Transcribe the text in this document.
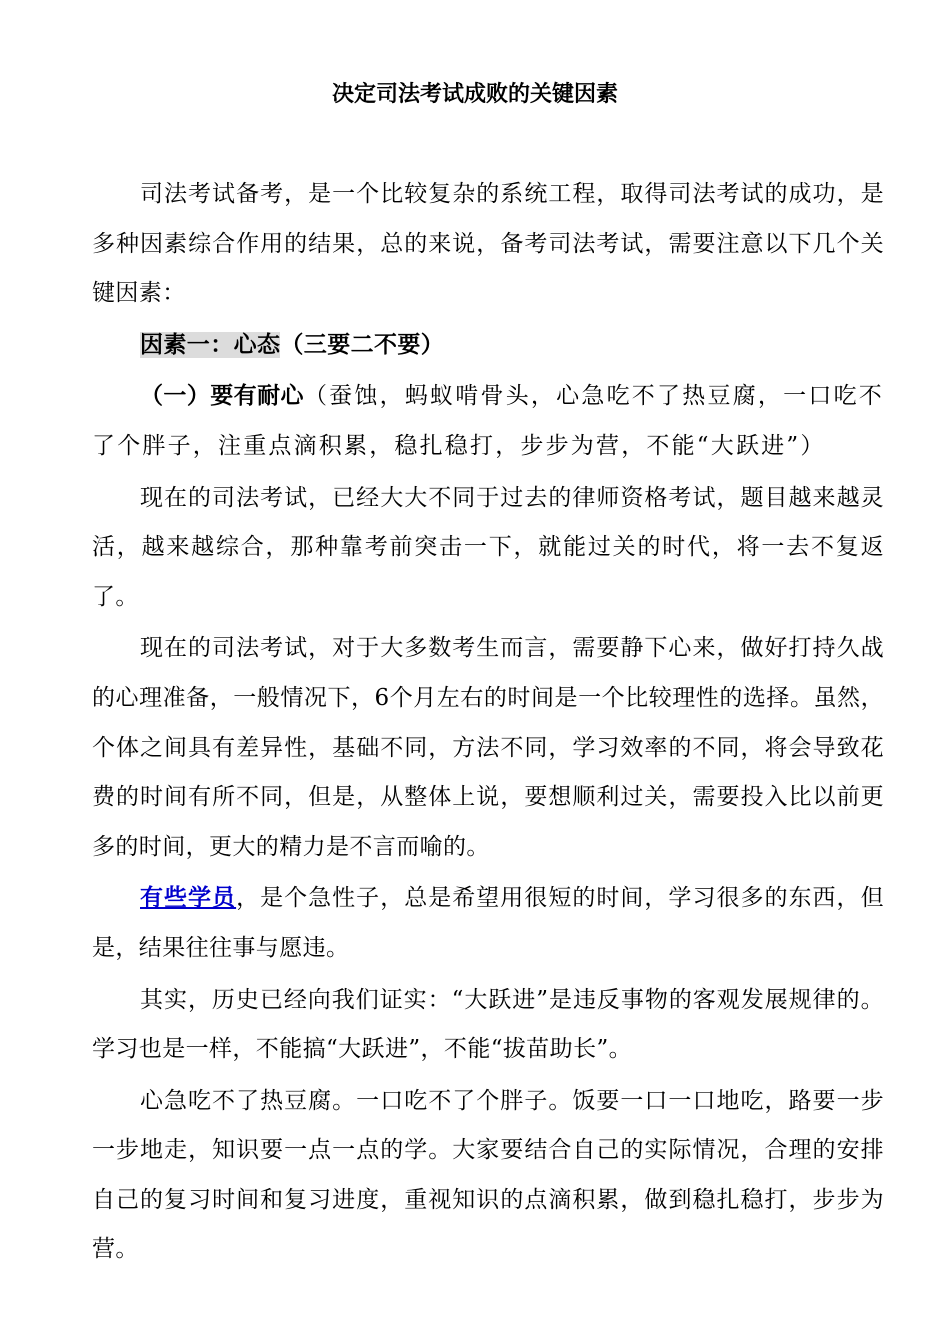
决定司法考试成败的关键因素

司法考试备考，是一个比较复杂的系统工程，取得司法考试的成功，是多种因素综合作用的结果，总的来说，备考司法考试，需要注意以下几个关键因素：

因素一：心态（三要二不要）

（一）要有耐心（蚕蚀，蚂蚁啃骨头，心急吃不了热豆腐，一口吃不了个胖子，注重点滴积累，稳扎稳打，步步为营，不能“大跃进”）

现在的司法考试，已经大大不同于过去的律师资格考试，题目越来越灵活，越来越综合，那种靠考前突击一下，就能过关的时代，将一去不复返了。

现在的司法考试，对于大多数考生而言，需要静下心来，做好打持久战的心理准备，一般情况下，6个月左右的时间是一个比较理性的选择。虽然，个体之间具有差异性，基础不同，方法不同，学习效率的不同，将会导致花费的时间有所不同，但是，从整体上说，要想顺利过关，需要投入比以前更多的时间，更大的精力是不言而喻的。

有些学员，是个急性子，总是希望用很短的时间，学习很多的东西，但是，结果往往事与愿违。

其实，历史已经向我们证实：“大跃进”是违反事物的客观发展规律的。学习也是一样，不能搞“大跃进”，不能“拔苗助长”。

心急吃不了热豆腐。一口吃不了个胖子。饭要一口一口地吃，路要一步一步地走，知识要一点一点的学。大家要结合自己的实际情况，合理的安排自己的复习时间和复习进度，重视知识的点滴积累，做到稳扎稳打，步步为营。
